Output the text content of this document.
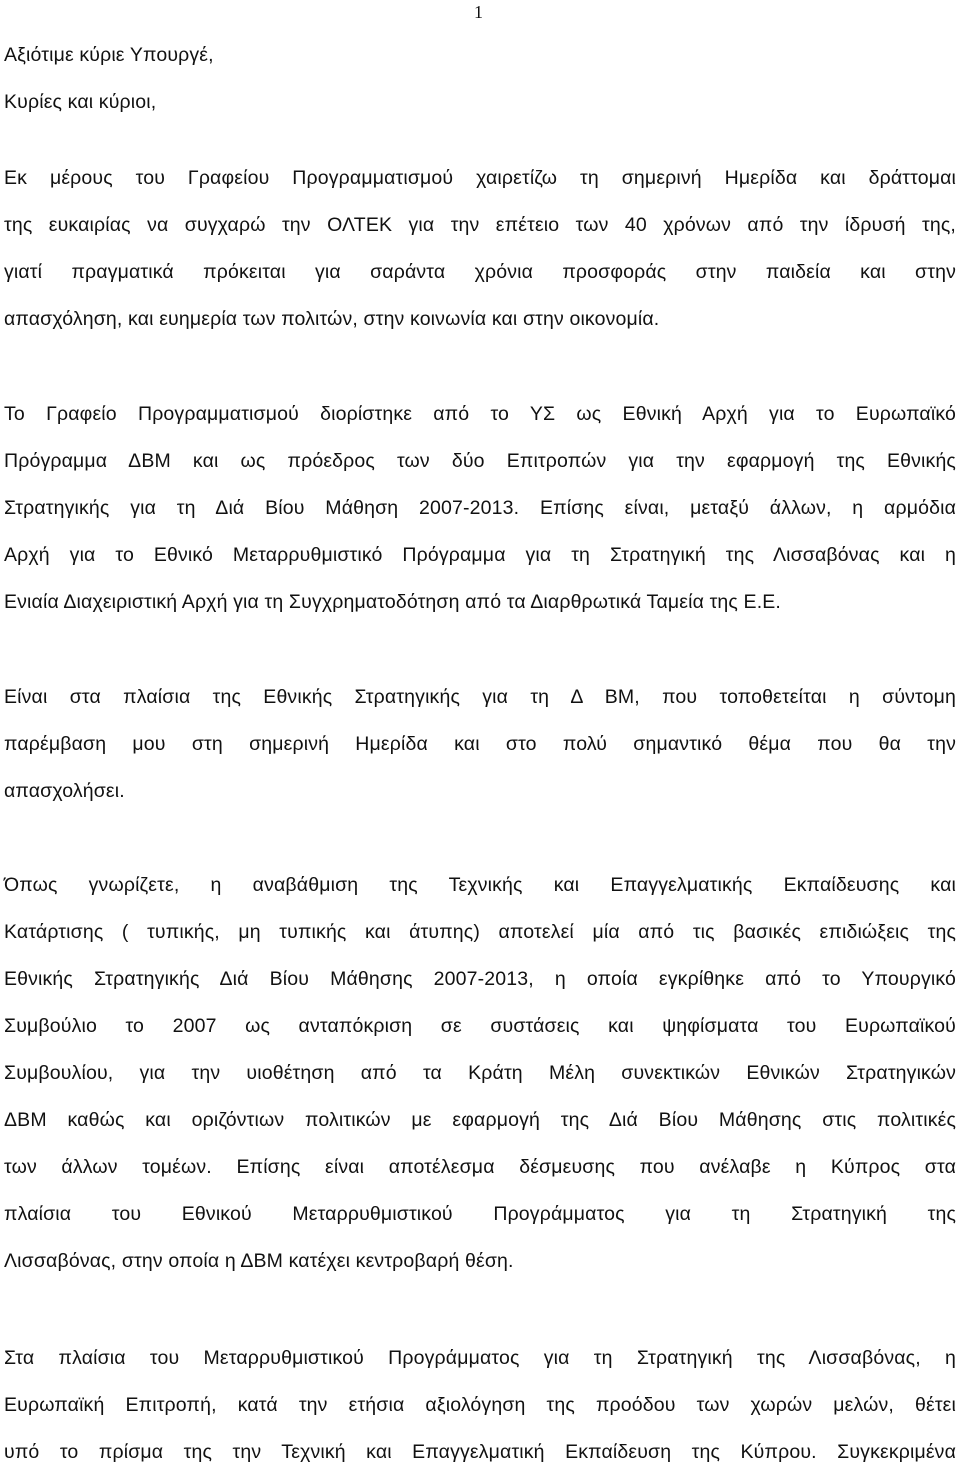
1
Αξιότιμε κύριε Υπουργέ,
Κυρίες και κύριοι,
Εκ μέρους του Γραφείου Προγραμματισμού χαιρετίζω τη σημερινή Ημερίδα και δράττομαι
της ευκαιρίας να συγχαρώ την ΟΛΤΕΚ για την επέτειο των 40 χρόνων από την ίδρυσή της,
γιατί πραγματικά πρόκειται για σαράντα χρόνια προσφοράς στην παιδεία και στην
απασχόληση, και ευημερία των πολιτών, στην κοινωνία και στην οικονομία.
Το Γραφείο Προγραμματισμού διορίστηκε από το ΥΣ ως Εθνική Αρχή για το Ευρωπαϊκό
Πρόγραμμα ΔΒΜ και ως πρόεδρος των δύο Επιτροπών για την εφαρμογή της Εθνικής
Στρατηγικής για τη Διά Βίου Μάθηση 2007-2013. Επίσης είναι, μεταξύ άλλων, η αρμόδια
Αρχή για το Εθνικό Μεταρρυθμιστικό Πρόγραμμα για τη Στρατηγική της Λισσαβόνας και η
Ενιαία Διαχειριστική Αρχή για τη Συγχρηματοδότηση από τα Διαρθρωτικά Ταμεία της Ε.Ε.
Είναι στα πλαίσια της Εθνικής Στρατηγικής για τη Δ ΒΜ, που τοποθετείται η σύντομη
παρέμβαση μου στη σημερινή Ημερίδα και στο πολύ σημαντικό θέμα που θα την
απασχολήσει.
Όπως γνωρίζετε, η αναβάθμιση της Τεχνικής και Επαγγελματικής Εκπαίδευσης και
Κατάρτισης ( τυπικής, μη τυπικής και άτυπης) αποτελεί μία από τις βασικές επιδιώξεις της
Εθνικής Στρατηγικής Διά Βίου Μάθησης 2007-2013, η οποία εγκρίθηκε από το Υπουργικό
Συμβούλιο το 2007 ως ανταπόκριση σε συστάσεις και ψηφίσματα του Ευρωπαϊκού
Συμβουλίου, για την υιοθέτηση από τα Κράτη Μέλη συνεκτικών Εθνικών Στρατηγικών
ΔΒΜ καθώς και οριζόντιων πολιτικών με εφαρμογή της Διά Βίου Μάθησης στις πολιτικές
των άλλων τομέων. Επίσης είναι αποτέλεσμα δέσμευσης που ανέλαβε η Κύπρος στα
πλαίσια του Εθνικού Μεταρρυθμιστικού Προγράμματος για τη Στρατηγική της
Λισσαβόνας, στην οποία η ΔΒΜ κατέχει κεντροβαρή θέση.
Στα πλαίσια του Μεταρρυθμιστικού Προγράμματος για τη Στρατηγική της Λισσαβόνας, η
Ευρωπαϊκή Επιτροπή, κατά την ετήσια αξιολόγηση της προόδου των χωρών μελών, θέτει
υπό το πρίσμα της την Τεχνική και Επαγγελματική Εκπαίδευση της Κύπρου. Συγκεκριμένα
